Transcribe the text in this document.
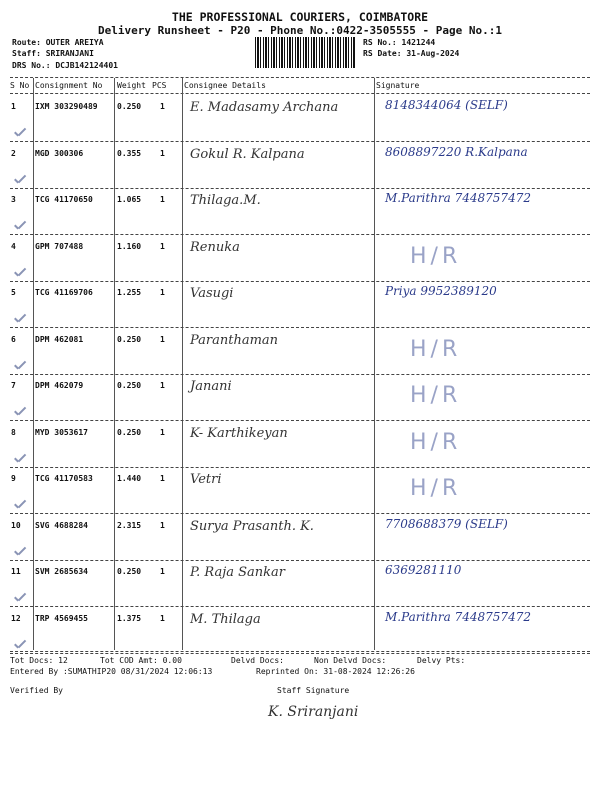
THE PROFESSIONAL COURIERS, COIMBATORE
Delivery Runsheet - P20 - Phone No.:0422-3505555 - Page No.:1
Route: OUTER AREIYA
Staff: SRIRANJANI
DRS No.: DCJB142124401
RS No.: 1421244
RS Date: 31-Aug-2024
S No Consignment No Weight PCS Consignee Details	Signature
1 IXM 303290489 0.250 1 E. Madasamy Archana	8148344064 (SELF)
2 MGD 300306	0.355 1 Gokul R. Kalpana	8608897220 R.Kalpana
3 TCG 41170650	1.065 1 Thilaga.M.	M.Parithra 7448757472
4 GPM 707488	1.160 1 Renuka	H/R
5 TCG 41169706	1.255 1 Vasugi	Priya 9952389120
6 DPM 462081	0.250 1 Paranthaman	H/R
7 DPM 462079	0.250 1 Janani	H/R
8 MYD 3053617	0.250 1 K- Karthikeyan	H/R
9 TCG 41170583	1.440 1 Vetri	H/R
10 SVG 4688284	2.315 1 Surya Prasanth. K.	7708688379 (SELF)
11 SVM 2685634	0.250 1 P. Raja Sankar	6369281110
12 TRP 4569455	1.375 1 M. Thilaga	M.Parithra 7448757472
Tot Docs: 12	Tot COD Amt: 0.00	Delvd Docs:	Non Delvd Docs:	Delvy Pts:
Entered By :SUMATHIP20 08/31/2024 12:06:13	Reprinted On: 31-08-2024 12:26:26
Verified By	Staff Signature
K. Sriranjani
